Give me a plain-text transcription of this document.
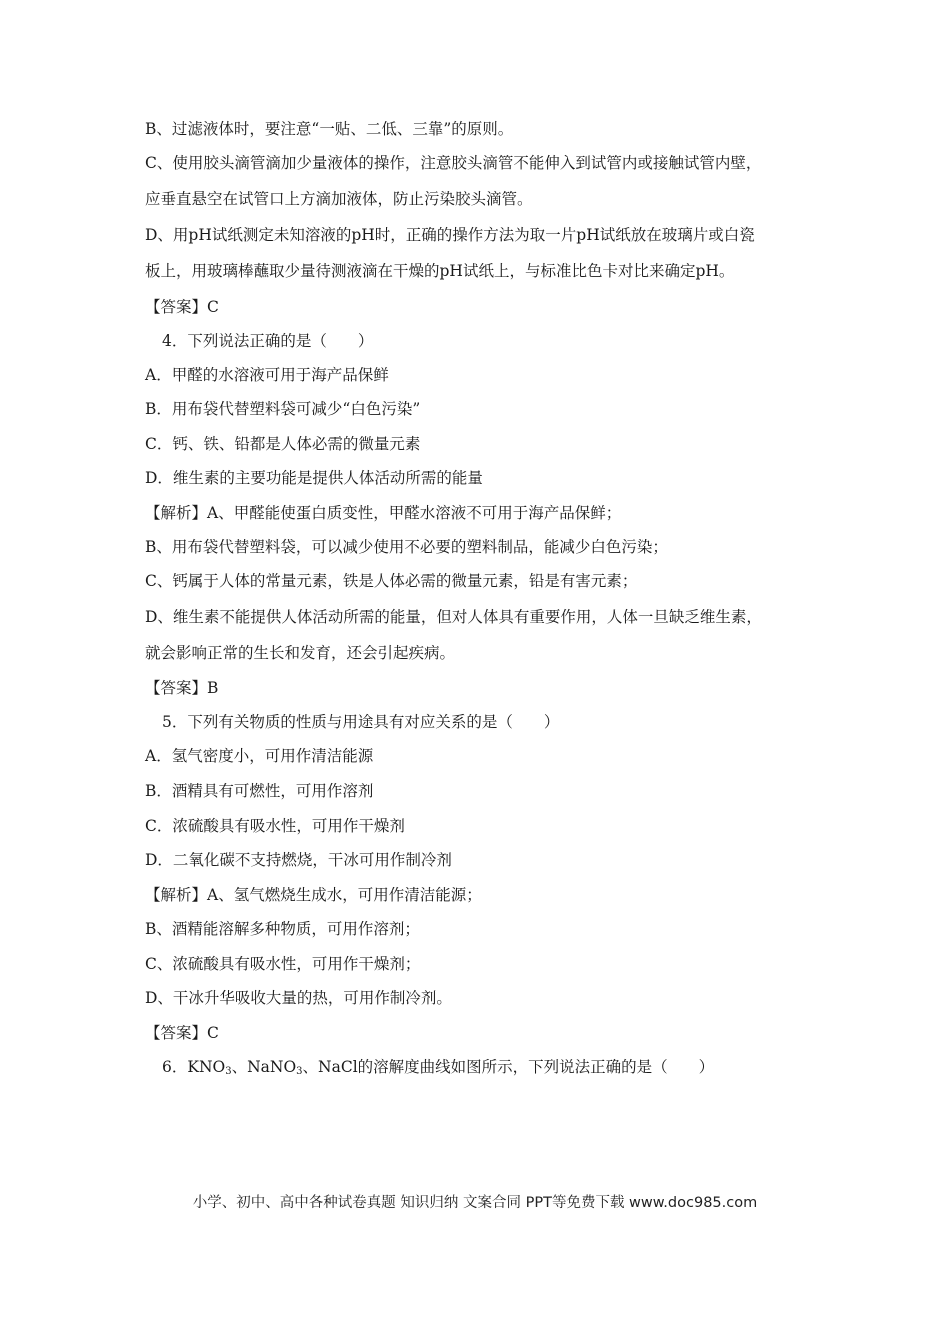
B、过滤液体时，要注意“一贴、二低、三靠”的原则。
C、使用胶头滴管滴加少量液体的操作，注意胶头滴管不能伸入到试管内或接触试管内壁，
应垂直悬空在试管口上方滴加液体，防止污染胶头滴管。
D、用pH试纸测定未知溶液的pH时，正确的操作方法为取一片pH试纸放在玻璃片或白瓷
板上，用玻璃棒蘸取少量待测液滴在干燥的pH试纸上，与标准比色卡对比来确定pH。
【答案】C
4．下列说法正确的是（　　）
A．甲醛的水溶液可用于海产品保鲜
B．用布袋代替塑料袋可减少“白色污染”
C．钙、铁、铅都是人体必需的微量元素
D．维生素的主要功能是提供人体活动所需的能量
【解析】A、甲醛能使蛋白质变性，甲醛水溶液不可用于海产品保鲜；
B、用布袋代替塑料袋，可以减少使用不必要的塑料制品，能减少白色污染；
C、钙属于人体的常量元素，铁是人体必需的微量元素，铅是有害元素；
D、维生素不能提供人体活动所需的能量，但对人体具有重要作用，人体一旦缺乏维生素，
就会影响正常的生长和发育，还会引起疾病。
【答案】B
5．下列有关物质的性质与用途具有对应关系的是（　　）
A．氢气密度小，可用作清洁能源
B．酒精具有可燃性，可用作溶剂
C．浓硫酸具有吸水性，可用作干燥剂
D．二氧化碳不支持燃烧，干冰可用作制冷剂
【解析】A、氢气燃烧生成水，可用作清洁能源；
B、酒精能溶解多种物质，可用作溶剂；
C、浓硫酸具有吸水性，可用作干燥剂；
D、干冰升华吸收大量的热，可用作制冷剂。
【答案】C
6．$KNO_3$、NaNO$_3$、NaCl的溶解度曲线如图所示，下列说法正确的是（　　）
小学、初中、高中各种试卷真题 知识归纳 文案合同 PPT等免费下载 www.doc985.com
